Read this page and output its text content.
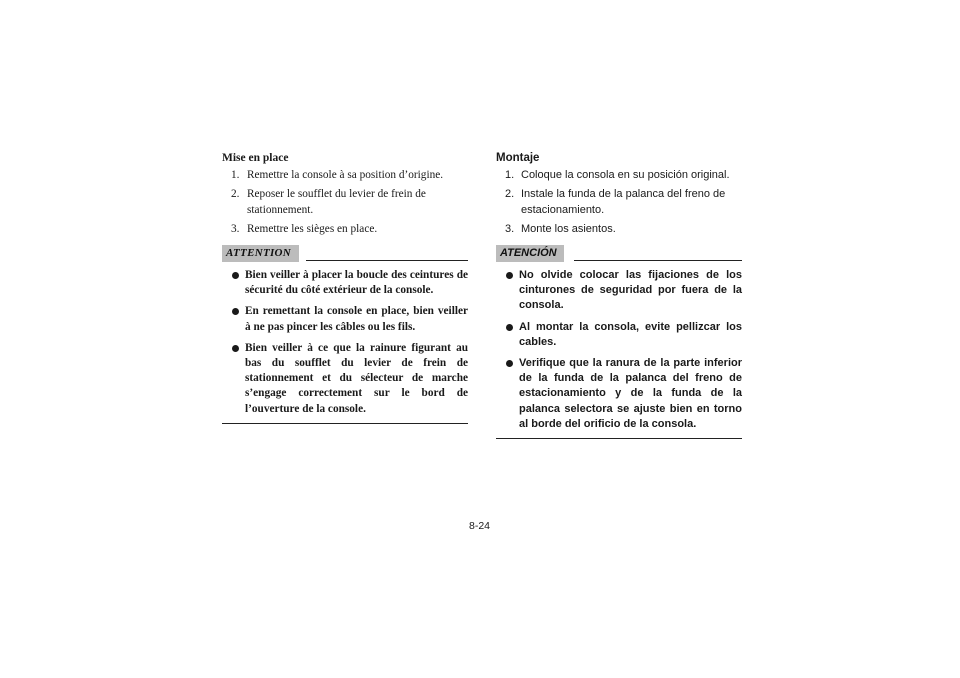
Mise en place
1. Remettre la console à sa position d’origine.
2. Reposer le soufflet du levier de frein de stationnement.
3. Remettre les sièges en place.
ATTENTION
Bien veiller à placer la boucle des ceintures de sécurité du côté extérieur de la console.
En remettant la console en place, bien veiller à ne pas pincer les câbles ou les fils.
Bien veiller à ce que la rainure figurant au bas du soufflet du levier de frein de stationnement et du sélecteur de marche s’engage correctement sur le bord de l’ouverture de la console.
Montaje
1. Coloque la consola en su posición original.
2. Instale la funda de la palanca del freno de estacionamiento.
3. Monte los asientos.
ATENCIÓN
No olvide colocar las fijaciones de los cinturones de seguridad por fuera de la consola.
Al montar la consola, evite pellizcar los cables.
Verifique que la ranura de la parte inferior de la funda de la palanca del freno de estacionamiento y de la funda de la palanca selectora se ajuste bien en torno al borde del orificio de la consola.
8-24
